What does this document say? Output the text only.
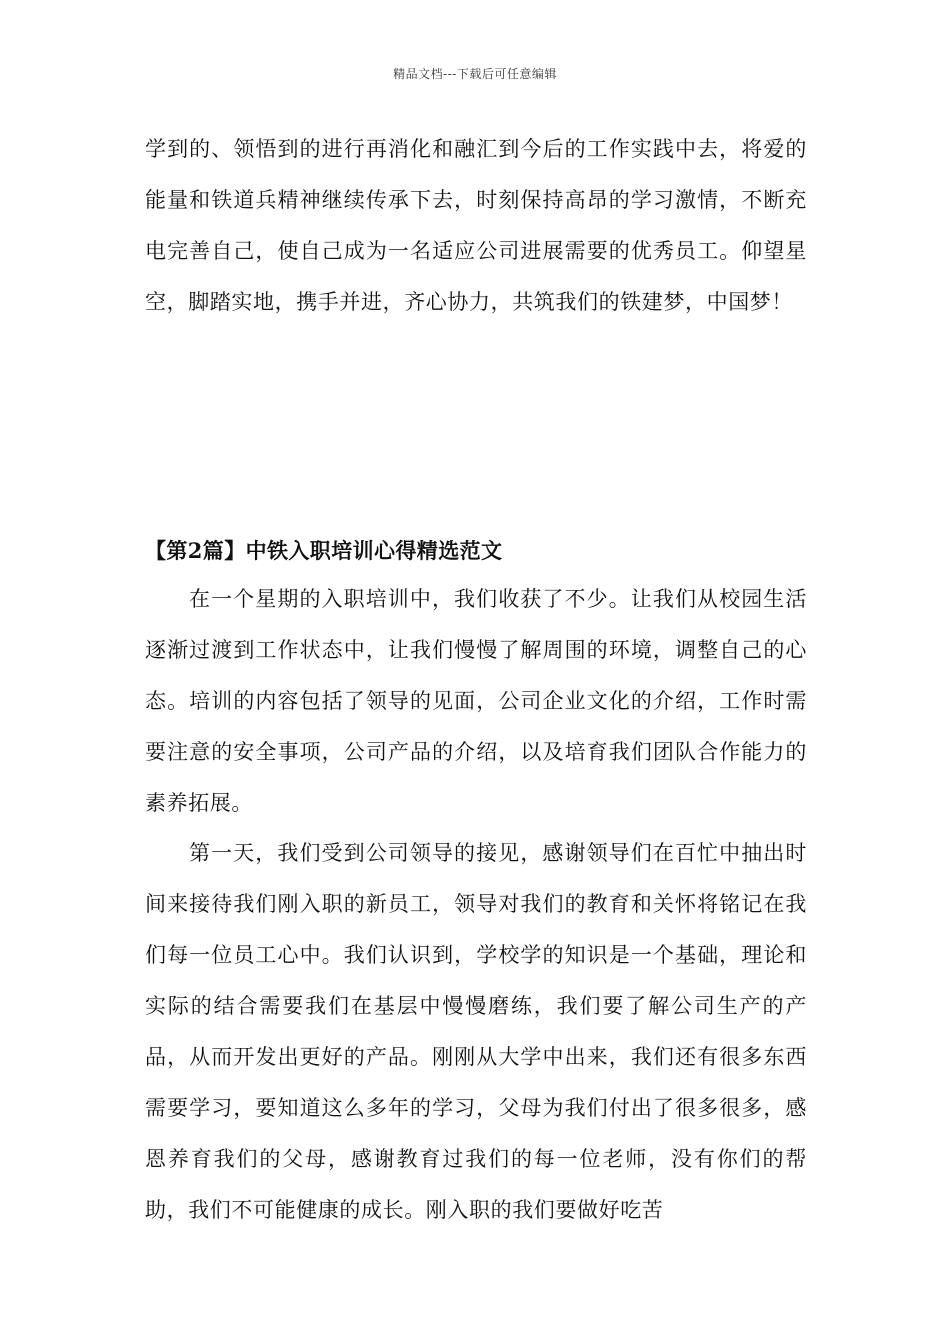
精品文档---下载后可任意编辑

学到的、领悟到的进行再消化和融汇到今后的工作实践中去，将爱的能量和铁道兵精神继续传承下去，时刻保持高昂的学习激情，不断充电完善自己，使自己成为一名适应公司进展需要的优秀员工。仰望星空，脚踏实地，携手并进，齐心协力，共筑我们的铁建梦，中国梦！

【第2篇】中铁入职培训心得精选范文

在一个星期的入职培训中，我们收获了不少。让我们从校园生活逐渐过渡到工作状态中，让我们慢慢了解周围的环境，调整自己的心态。培训的内容包括了领导的见面，公司企业文化的介绍，工作时需要注意的安全事项，公司产品的介绍，以及培育我们团队合作能力的素养拓展。

第一天，我们受到公司领导的接见，感谢领导们在百忙中抽出时间来接待我们刚入职的新员工，领导对我们的教育和关怀将铭记在我们每一位员工心中。我们认识到，学校学的知识是一个基础，理论和实际的结合需要我们在基层中慢慢磨练，我们要了解公司生产的产品，从而开发出更好的产品。刚刚从大学中出来，我们还有很多东西需要学习，要知道这么多年的学习，父母为我们付出了很多很多，感恩养育我们的父母，感谢教育过我们的每一位老师，没有你们的帮助，我们不可能健康的成长。刚入职的我们要做好吃苦
